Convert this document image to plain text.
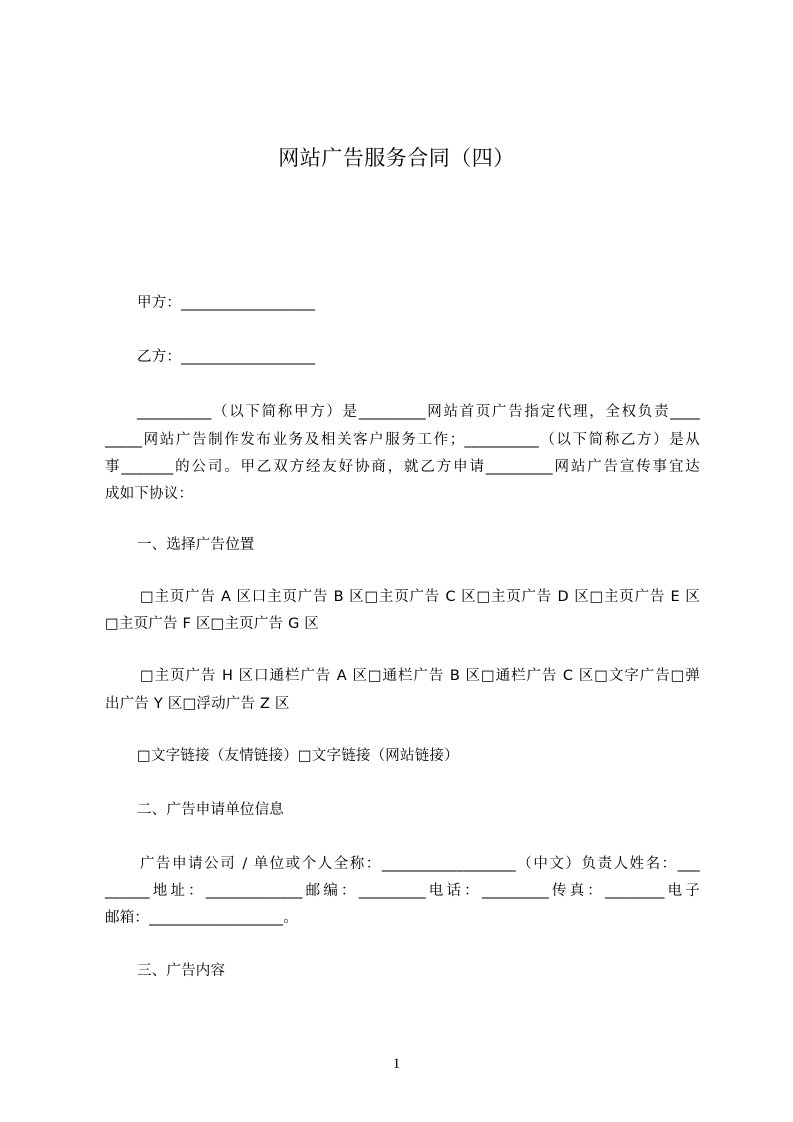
网站广告服务合同（四）
甲方：__________________
乙方：__________________
__________（以下简称甲方）是_________网站首页广告指定代理，全权负责____
_____网站广告制作发布业务及相关客户服务工作；__________（以下简称乙方）是从
事_______的公司。甲乙双方经友好协商，就乙方申请_________网站广告宣传事宜达
成如下协议：
一、选择广告位置
□主页广告 A 区口主页广告 B 区□主页广告 C 区□主页广告 D 区□主页广告 E 区
□主页广告 F 区□主页广告 G 区
□主页广告 H 区口通栏广告 A 区□通栏广告 B 区□通栏广告 C 区□文字广告□弹
出广告 Y 区□浮动广告 Z 区
□文字链接（友情链接）□文字链接（网站链接）
二、广告申请单位信息
广告申请公司 / 单位或个人全称：__________________（中文）负责人姓名：___
______地址：_____________邮编：_________电话：_________传真：________电子
邮箱：__________________。
三、广告内容
1
